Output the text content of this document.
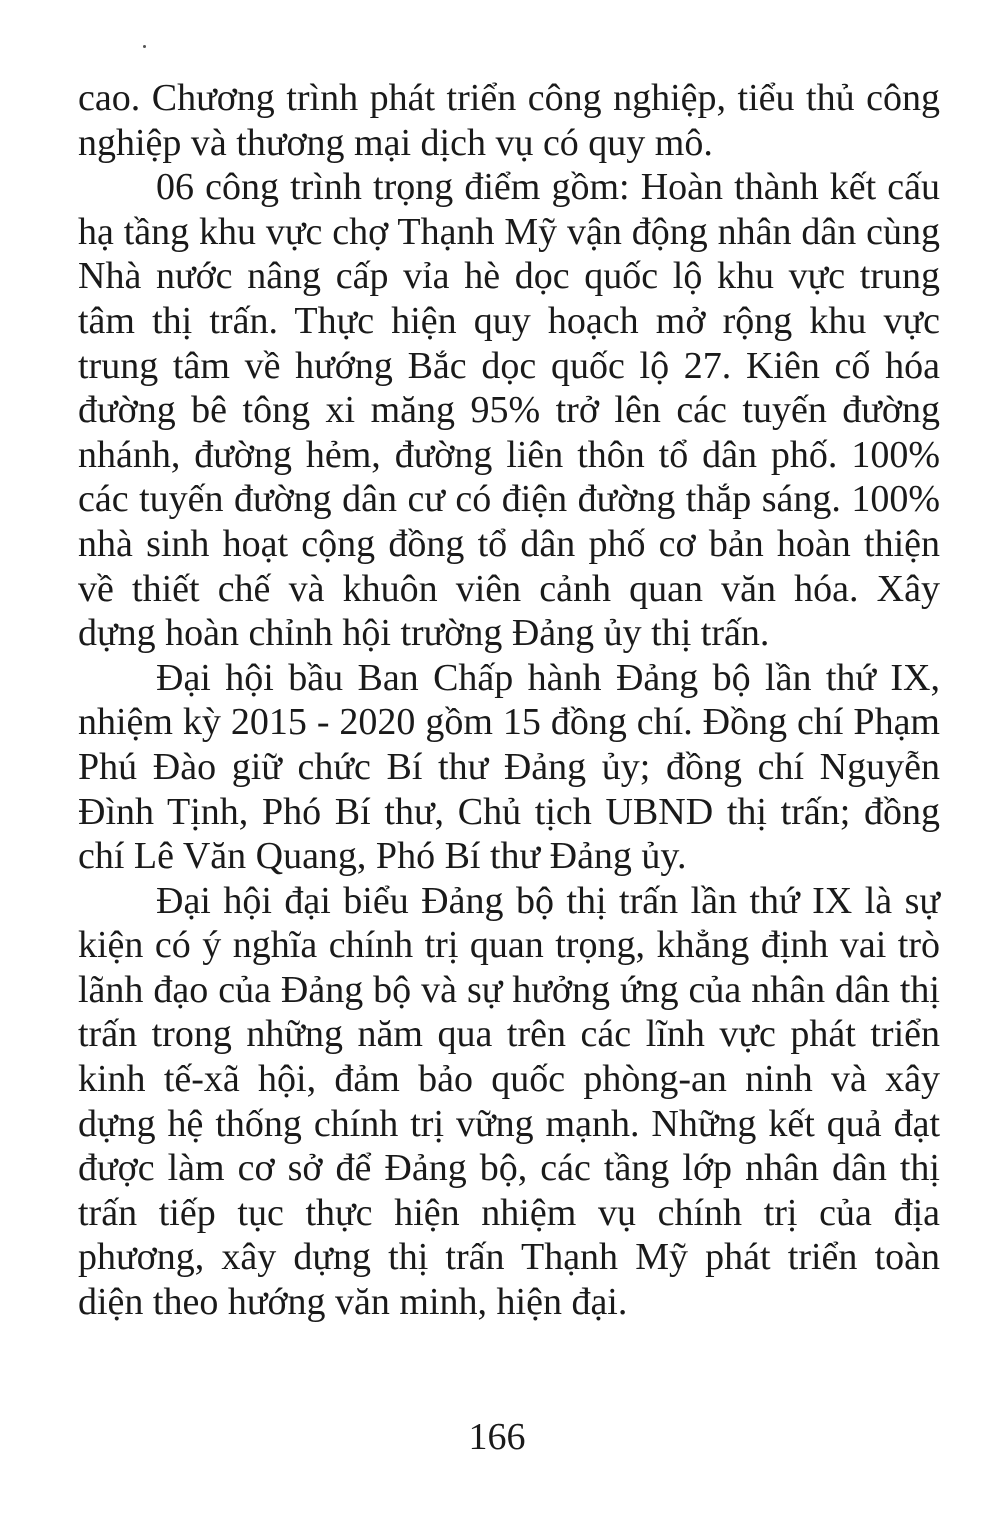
cao. Chương trình phát triển công nghiệp, tiểu thủ công nghiệp và thương mại dịch vụ có quy mô.

06 công trình trọng điểm gồm: Hoàn thành kết cấu hạ tầng khu vực chợ Thạnh Mỹ vận động nhân dân cùng Nhà nước nâng cấp vỉa hè dọc quốc lộ khu vực trung tâm thị trấn. Thực hiện quy hoạch mở rộng khu vực trung tâm về hướng Bắc dọc quốc lộ 27. Kiên cố hóa đường bê tông xi măng 95% trở lên các tuyến đường nhánh, đường hẻm, đường liên thôn tổ dân phố. 100% các tuyến đường dân cư có điện đường thắp sáng. 100% nhà sinh hoạt cộng đồng tổ dân phố cơ bản hoàn thiện về thiết chế và khuôn viên cảnh quan văn hóa. Xây dựng hoàn chỉnh hội trường Đảng ủy thị trấn.

Đại hội bầu Ban Chấp hành Đảng bộ lần thứ IX, nhiệm kỳ 2015 - 2020 gồm 15 đồng chí. Đồng chí Phạm Phú Đào giữ chức Bí thư Đảng ủy; đồng chí Nguyễn Đình Tịnh, Phó Bí thư, Chủ tịch UBND thị trấn; đồng chí Lê Văn Quang, Phó Bí thư Đảng ủy.

Đại hội đại biểu Đảng bộ thị trấn lần thứ IX là sự kiện có ý nghĩa chính trị quan trọng, khẳng định vai trò lãnh đạo của Đảng bộ và sự hưởng ứng của nhân dân thị trấn trong những năm qua trên các lĩnh vực phát triển kinh tế-xã hội, đảm bảo quốc phòng-an ninh và xây dựng hệ thống chính trị vững mạnh. Những kết quả đạt được làm cơ sở để Đảng bộ, các tầng lớp nhân dân thị trấn tiếp tục thực hiện nhiệm vụ chính trị của địa phương, xây dựng thị trấn Thạnh Mỹ phát triển toàn diện theo hướng văn minh, hiện đại.

166
